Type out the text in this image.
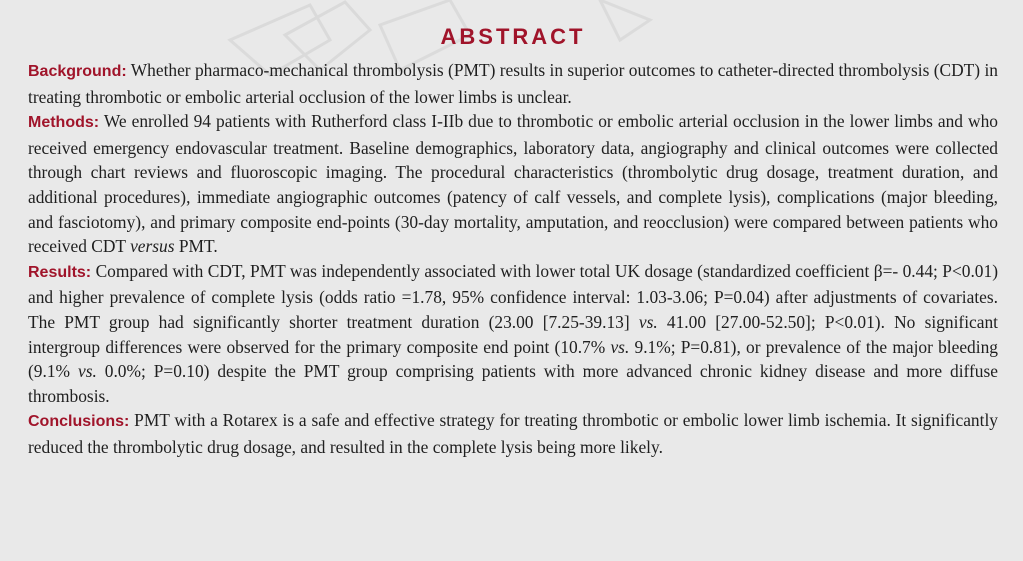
ABSTRACT

Background: Whether pharmaco-mechanical thrombolysis (PMT) results in superior outcomes to catheter-directed thrombolysis (CDT) in treating thrombotic or embolic arterial occlusion of the lower limbs is unclear.

Methods: We enrolled 94 patients with Rutherford class I-IIb due to thrombotic or embolic arterial occlusion in the lower limbs and who received emergency endovascular treatment. Baseline demographics, laboratory data, angiography and clinical outcomes were collected through chart reviews and fluoroscopic imaging. The procedural characteristics (thrombolytic drug dosage, treatment duration, and additional procedures), immediate angiographic outcomes (patency of calf vessels, and complete lysis), complications (major bleeding, and fasciotomy), and primary composite end-points (30-day mortality, amputation, and reocclusion) were compared between patients who received CDT versus PMT.

Results: Compared with CDT, PMT was independently associated with lower total UK dosage (standardized coefficient β=- 0.44; P<0.01) and higher prevalence of complete lysis (odds ratio =1.78, 95% confidence interval: 1.03-3.06; P=0.04) after adjustments of covariates. The PMT group had significantly shorter treatment duration (23.00 [7.25-39.13] vs. 41.00 [27.00-52.50]; P<0.01). No significant intergroup differences were observed for the primary composite end point (10.7% vs. 9.1%; P=0.81), or prevalence of the major bleeding (9.1% vs. 0.0%; P=0.10) despite the PMT group comprising patients with more advanced chronic kidney disease and more diffuse thrombosis.

Conclusions: PMT with a Rotarex is a safe and effective strategy for treating thrombotic or embolic lower limb ischemia. It significantly reduced the thrombolytic drug dosage, and resulted in the complete lysis being more likely.
